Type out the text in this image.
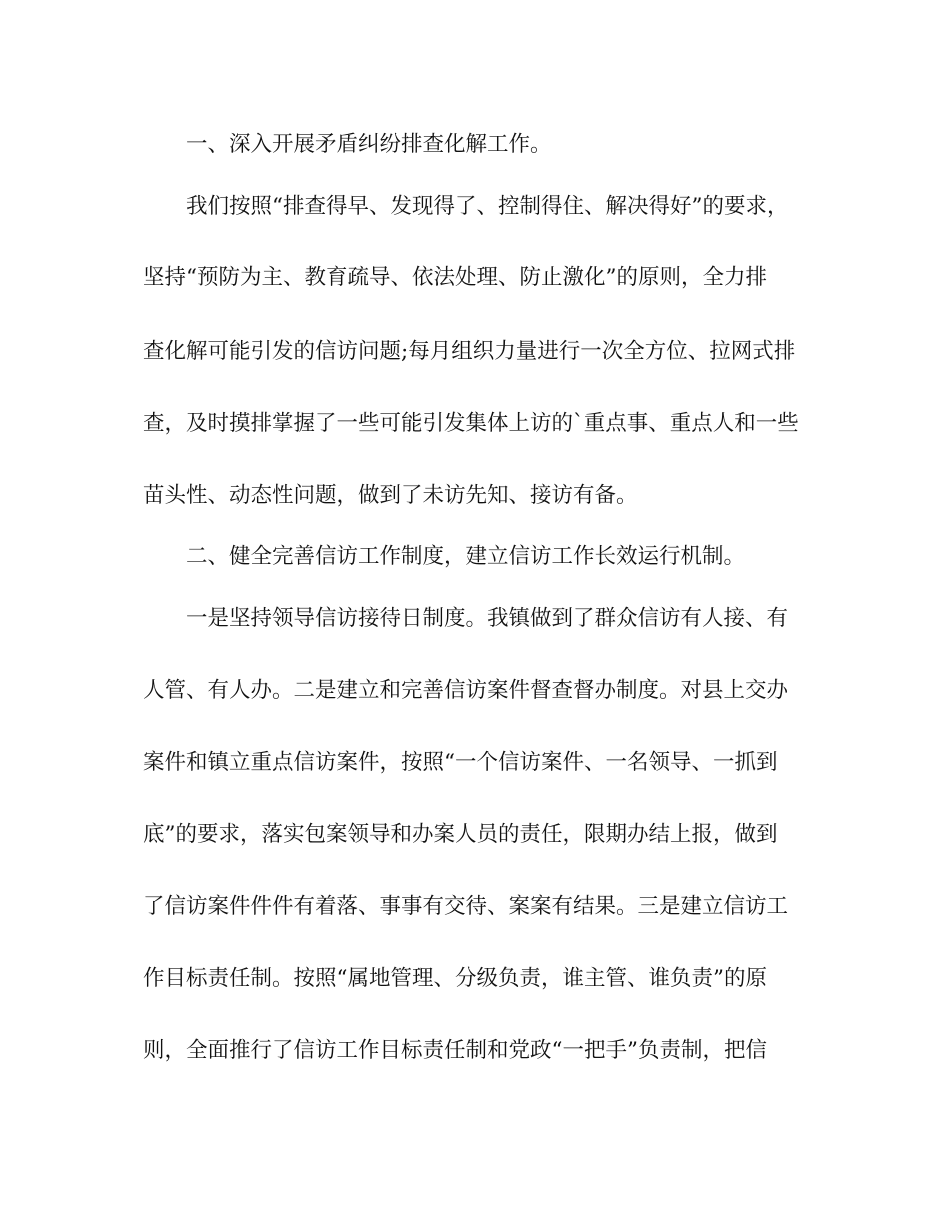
一、深入开展矛盾纠纷排查化解工作。
我们按照“排查得早、发现得了、控制得住、解决得好”的要求，
坚持“预防为主、教育疏导、依法处理、防止激化”的原则，全力排
查化解可能引发的信访问题;每月组织力量进行一次全方位、拉网式排
查，及时摸排掌握了一些可能引发集体上访的`重点事、重点人和一些
苗头性、动态性问题，做到了未访先知、接访有备。
二、健全完善信访工作制度，建立信访工作长效运行机制。
一是坚持领导信访接待日制度。我镇做到了群众信访有人接、有
人管、有人办。二是建立和完善信访案件督查督办制度。对县上交办
案件和镇立重点信访案件，按照“一个信访案件、一名领导、一抓到
底”的要求，落实包案领导和办案人员的责任，限期办结上报，做到
了信访案件件件有着落、事事有交待、案案有结果。三是建立信访工
作目标责任制。按照“属地管理、分级负责，谁主管、谁负责”的原
则，全面推行了信访工作目标责任制和党政“一把手”负责制，把信
